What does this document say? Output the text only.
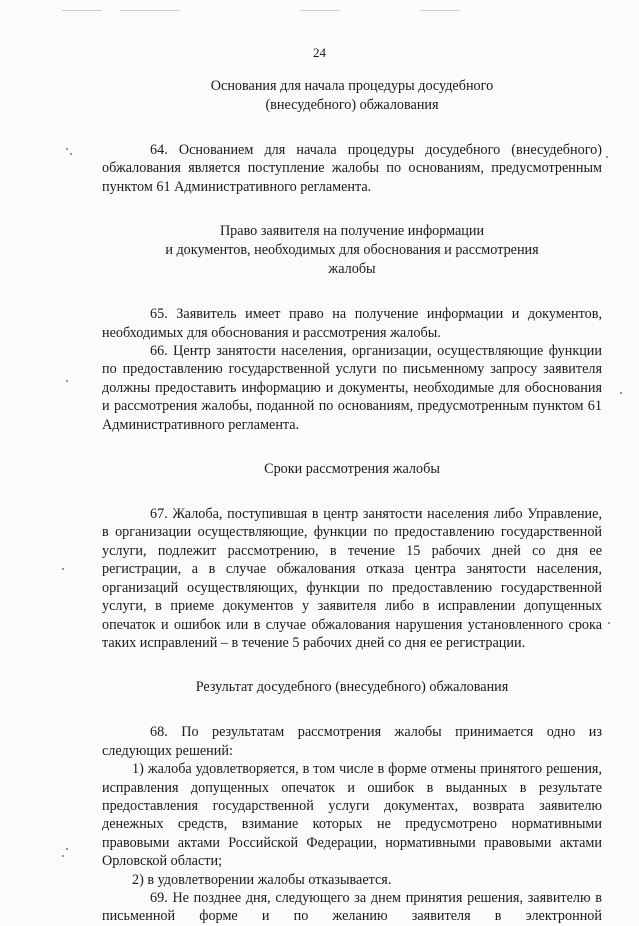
24
Основания для начала процедуры досудебного
(внесудебного) обжалования

64. Основанием для начала процедуры досудебного (внесудебного) обжалования является поступление жалобы по основаниям, предусмотренным пунктом 61 Административного регламента.

Право заявителя на получение информации
и документов, необходимых для обоснования и рассмотрения
жалобы

65. Заявитель имеет право на получение информации и документов, необходимых для обоснования и рассмотрения жалобы.

66. Центр занятости населения, организации, осуществляющие функции по предоставлению государственной услуги по письменному запросу заявителя должны предоставить информацию и документы, необходимые для обоснования и рассмотрения жалобы, поданной по основаниям, предусмотренным пунктом 61 Административного регламента.

Сроки рассмотрения жалобы

67. Жалоба, поступившая в центр занятости населения либо Управление, в организации осуществляющие, функции по предоставлению государственной услуги, подлежит рассмотрению, в течение 15 рабочих дней со дня ее регистрации, а в случае обжалования отказа центра занятости населения, организаций осуществляющих, функции по предоставлению государственной услуги, в приеме документов у заявителя либо в исправлении допущенных опечаток и ошибок или в случае обжалования нарушения установленного срока таких исправлений – в течение 5 рабочих дней со дня ее регистрации.

Результат досудебного (внесудебного) обжалования

68. По результатам рассмотрения жалобы принимается одно из следующих решений:

1) жалоба удовлетворяется, в том числе в форме отмены принятого решения, исправления допущенных опечаток и ошибок в выданных в результате предоставления государственной услуги документах, возврата заявителю денежных средств, взимание которых не предусмотрено нормативными правовыми актами Российской Федерации, нормативными правовыми актами Орловской области;

2) в удовлетворении жалобы отказывается.

69. Не позднее дня, следующего за днем принятия решения, заявителю в письменной форме и по желанию заявителя в электронной
